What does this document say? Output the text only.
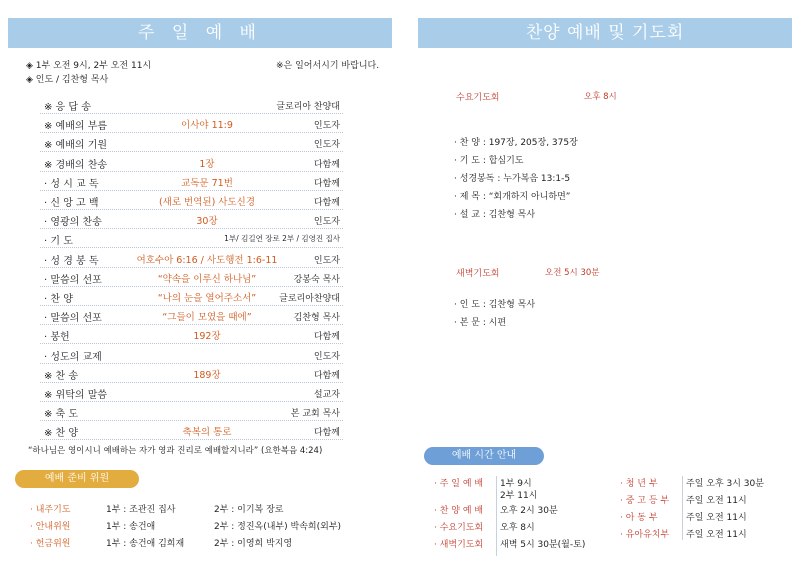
주 일 예 배
◈ 1부 오전 9시, 2부 오전 11시	※은 일어서시기 바랍니다.
◈ 인도 / 김찬형 목사
※ 응 답 송	글로리아 찬양대
※ 예배의 부름	이사야 11:9	인도자
※ 예배의 기원	인도자
※ 경배의 찬송	1장	다함께
· 성 시 교 독	교독문 71번	다함께
· 신 앙 고 백	(새로 번역된) 사도신경	다함께
· 영광의 찬송	30장	인도자
· 기 도	1부/ 김길연 장로 2부 / 김영진 집사
· 성 경 봉 독	여호수아 6:16 / 사도행전 1:6-11	인도자
· 말씀의 선포	“약속을 이루신 하나님”	강봉숙 목사
· 찬 양	“나의 눈을 열어주소서”	글로리아찬양대
· 말씀의 선포	“그들이 모였을 때에”	김찬형 목사
· 봉헌	192장	다함께
· 성도의 교제	인도자
※ 찬 송	189장	다함께
※ 위탁의 말씀	설교자
※ 축 도	본 교회 목사
※ 찬 양	축복의 통로	다함께
“하나님은 영이시니 예배하는 자가 영과 진리로 예배할지니라” (요한복음 4:24)
예배 준비 위원
· 내주기도	1부 : 조관진 집사	2부 : 이기복 장로
· 안내위원	1부 : 송건애	2부 : 정진옥(내부) 박속희(외부)
· 헌금위원	1부 : 송건애 김희재	2부 : 이영희 박지영
찬양 예배 및 기도회
수요기도회	오후 8시
· 찬 양 : 197장, 205장, 375장
· 기 도 : 합심기도
· 성경봉독 : 누가복음 13:1-5
· 제 목 : “회개하지 아니하면”
· 설 교 : 김찬형 목사
새벽기도회	오전 5시 30분
· 인 도 : 김찬형 목사
· 본 문 : 시편
예배 시간 안내
· 주 일 예 배 1부 9시
2부 11시
· 찬 양 예 배 오후 2시 30분
· 수요기도회 오후 8시
· 새벽기도회 새벽 5시 30분(월-토)
· 청 년 부	주일 오후 3시 30분
· 중 고 등 부 주일 오전 11시
· 아 동 부	주일 오전 11시
· 유아유치부 주일 오전 11시
